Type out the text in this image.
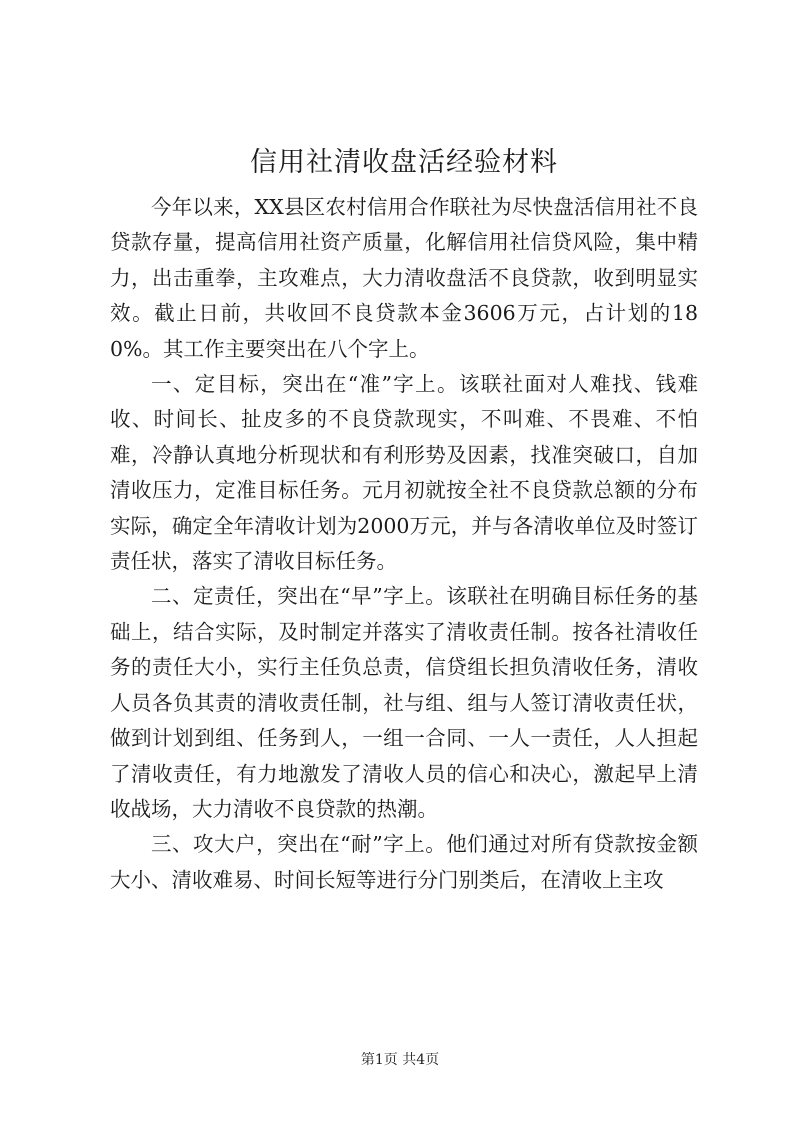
信用社清收盘活经验材料

今年以来，XX县区农村信用合作联社为尽快盘活信用社不良贷款存量，提高信用社资产质量，化解信用社信贷风险，集中精力，出击重拳，主攻难点，大力清收盘活不良贷款，收到明显实效。截止日前，共收回不良贷款本金3606万元，占计划的180%。其工作主要突出在八个字上。

一、定目标，突出在“准”字上。该联社面对人难找、钱难收、时间长、扯皮多的不良贷款现实，不叫难、不畏难、不怕难，冷静认真地分析现状和有利形势及因素，找准突破口，自加清收压力，定准目标任务。元月初就按全社不良贷款总额的分布实际，确定全年清收计划为2000万元，并与各清收单位及时签订责任状，落实了清收目标任务。

二、定责任，突出在“早”字上。该联社在明确目标任务的基础上，结合实际，及时制定并落实了清收责任制。按各社清收任务的责任大小，实行主任负总责，信贷组长担负清收任务，清收人员各负其责的清收责任制，社与组、组与人签订清收责任状，做到计划到组、任务到人，一组一合同、一人一责任，人人担起了清收责任，有力地激发了清收人员的信心和决心，激起早上清收战场，大力清收不良贷款的热潮。

三、攻大户，突出在“耐”字上。他们通过对所有贷款按金额大小、清收难易、时间长短等进行分门别类后，在清收上主攻

第1页 共4页
